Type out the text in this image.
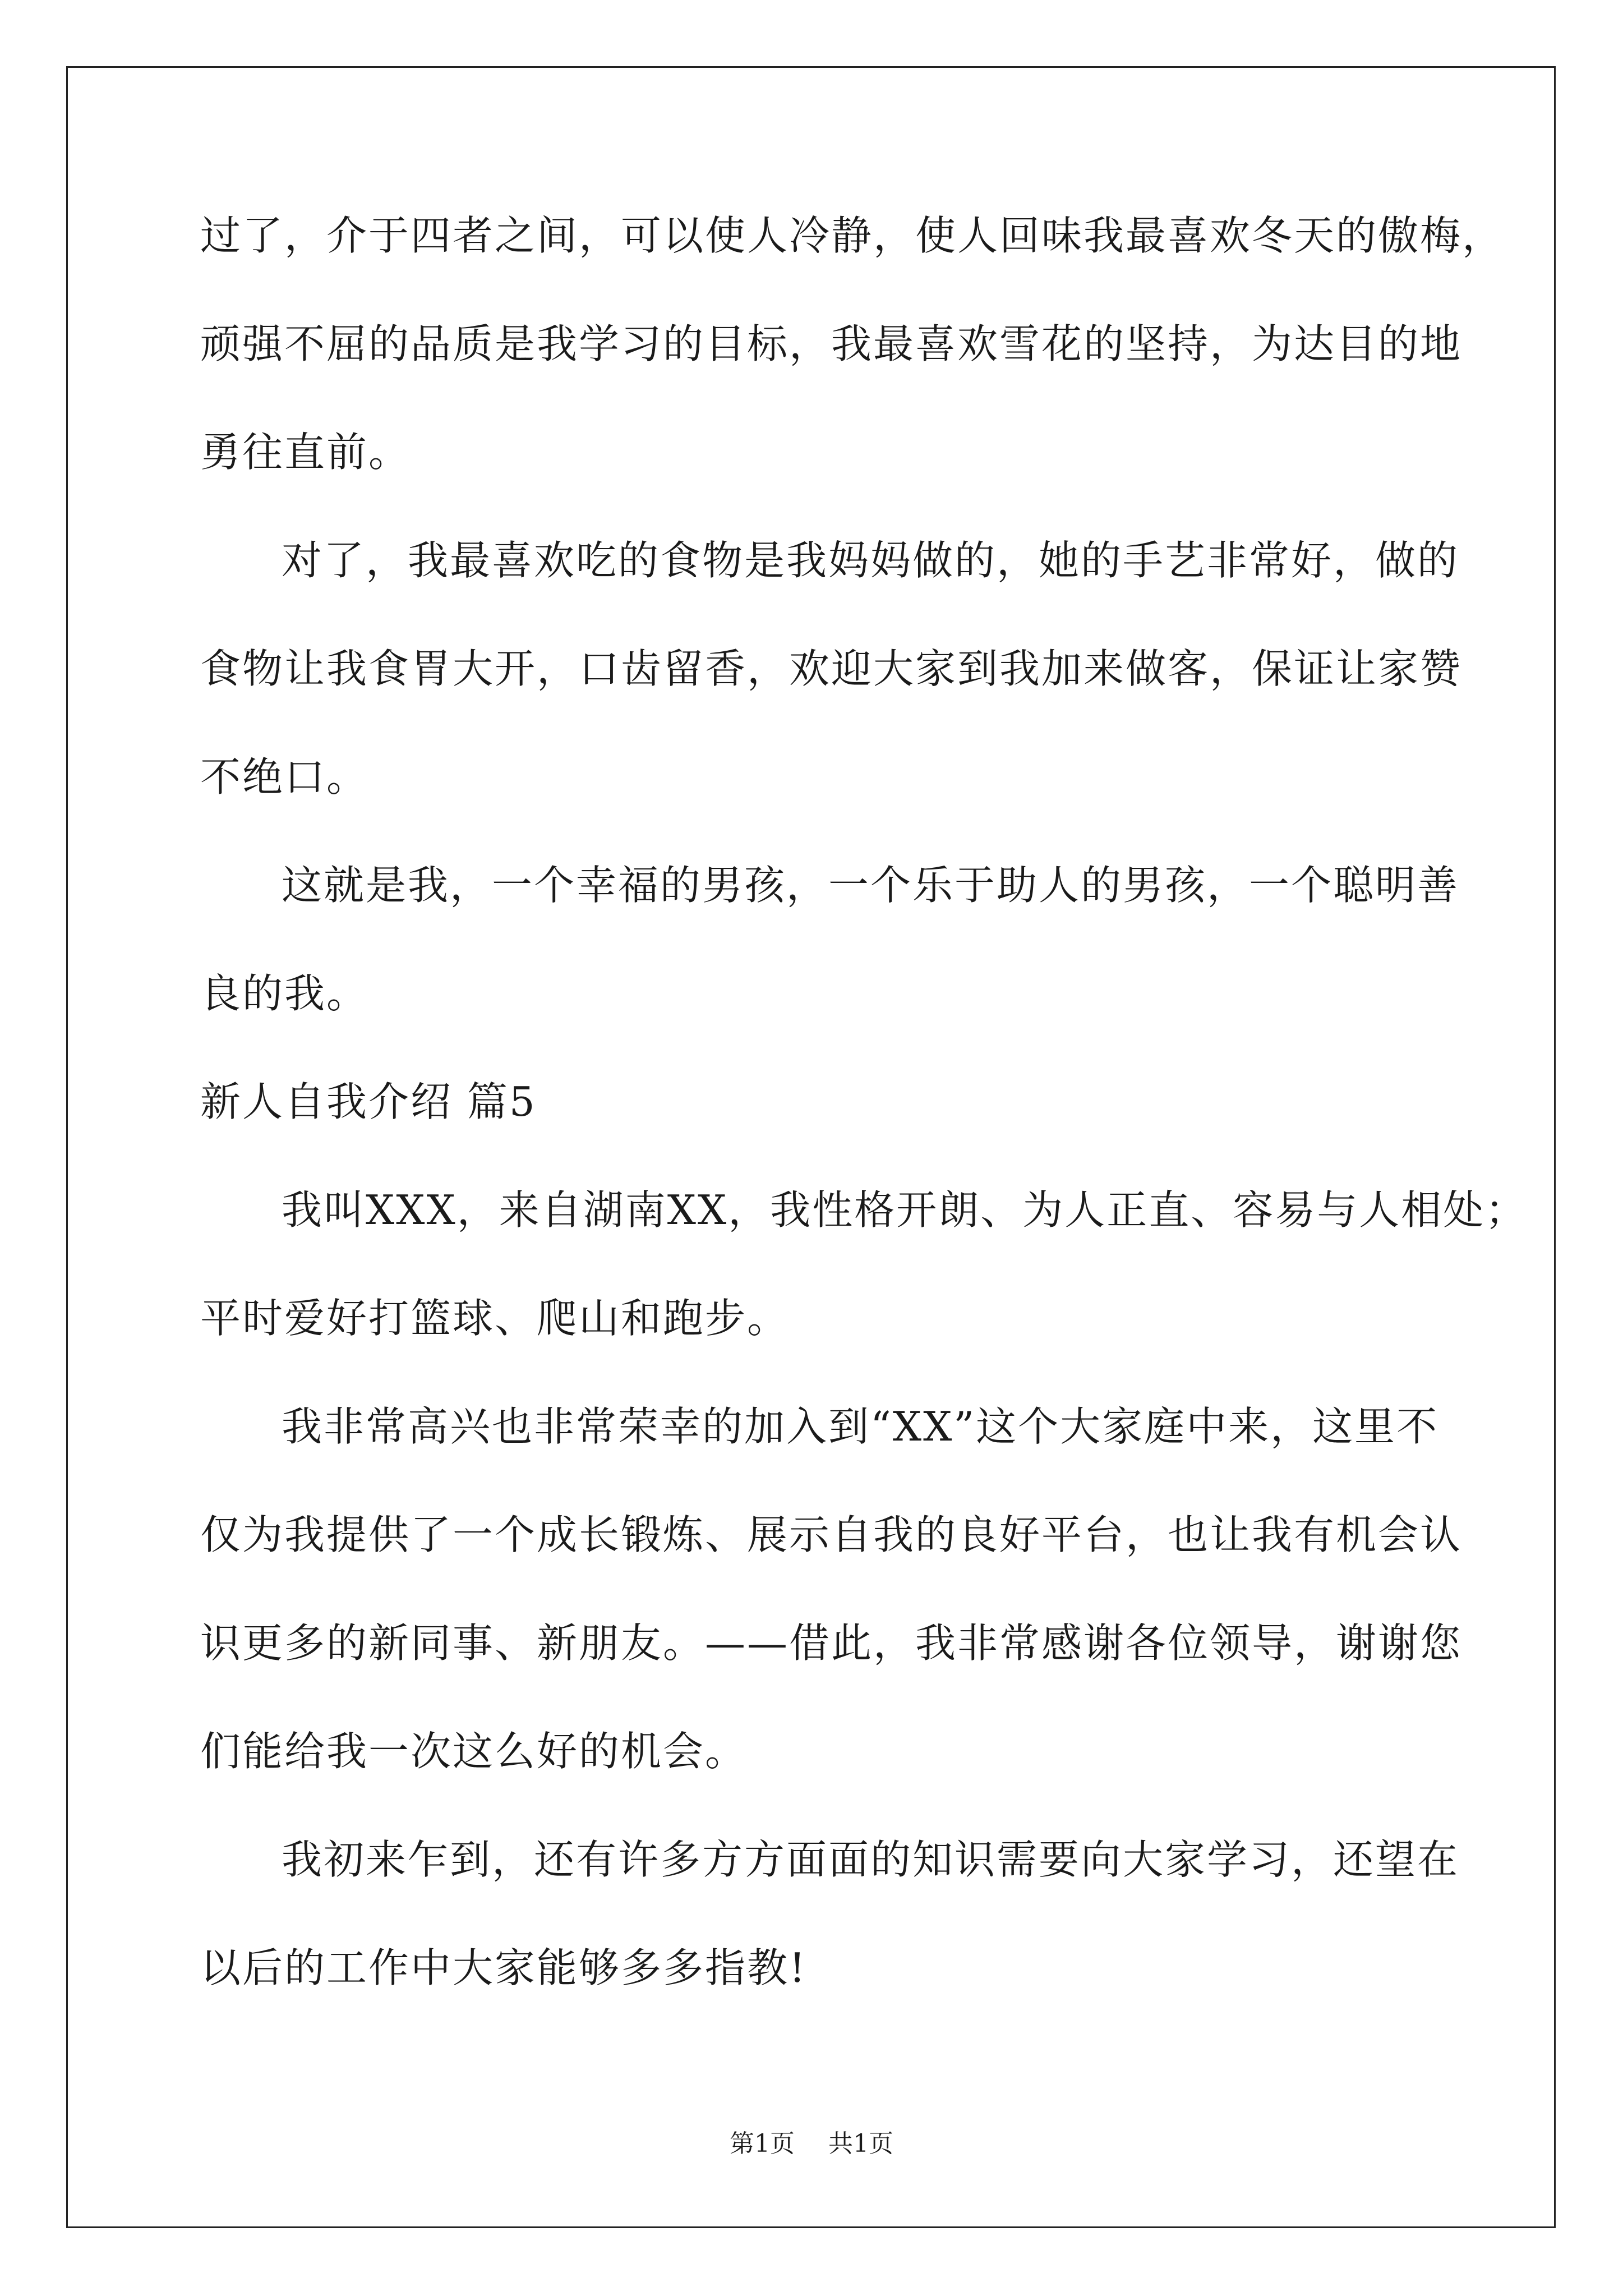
过了，介于四者之间，可以使人冷静，使人回味我最喜欢冬天的傲梅，
顽强不屈的品质是我学习的目标，我最喜欢雪花的坚持，为达目的地
勇往直前。
对了，我最喜欢吃的食物是我妈妈做的，她的手艺非常好，做的
食物让我食胃大开，口齿留香，欢迎大家到我加来做客，保证让家赞
不绝口。
这就是我，一个幸福的男孩，一个乐于助人的男孩，一个聪明善
良的我。
新人自我介绍 篇5
我叫XXX，来自湖南XX，我性格开朗、为人正直、容易与人相处；
平时爱好打篮球、爬山和跑步。
我非常高兴也非常荣幸的加入到“XX”这个大家庭中来，这里不
仅为我提供了一个成长锻炼、展示自我的良好平台，也让我有机会认
识更多的新同事、新朋友。——借此，我非常感谢各位领导，谢谢您
们能给我一次这么好的机会。
我初来乍到，还有许多方方面面的知识需要向大家学习，还望在
以后的工作中大家能够多多指教!
第1页 共1页
